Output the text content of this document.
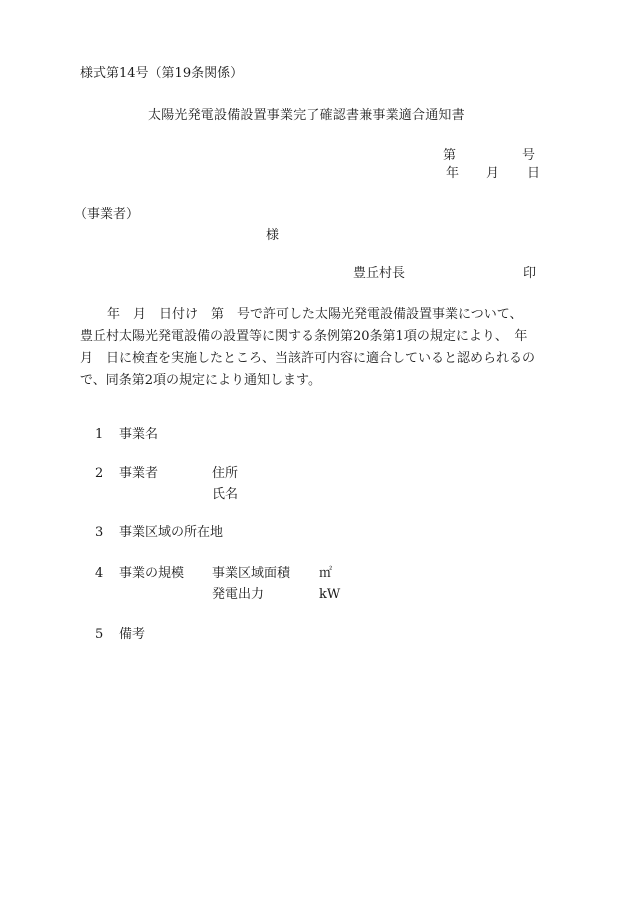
様式第14号（第19条関係）
太陽光発電設備設置事業完了確認書兼事業適合通知書
第	号
年 月 日
（事業者）
様
豊丘村長	印
年　月　日付け　第　号で許可した太陽光発電設備設置事業について、
豊丘村太陽光発電設備の設置等に関する条例第20条第1項の規定により、　年
月　日に検査を実施したところ、当該許可内容に適合していると認められるの
で、同条第2項の規定により通知します。
1 事業名
2 事業者	住所
氏名
3 事業区域の所在地
4 事業の規模 事業区域面積 ㎡
発電出力	kW
5 備考
